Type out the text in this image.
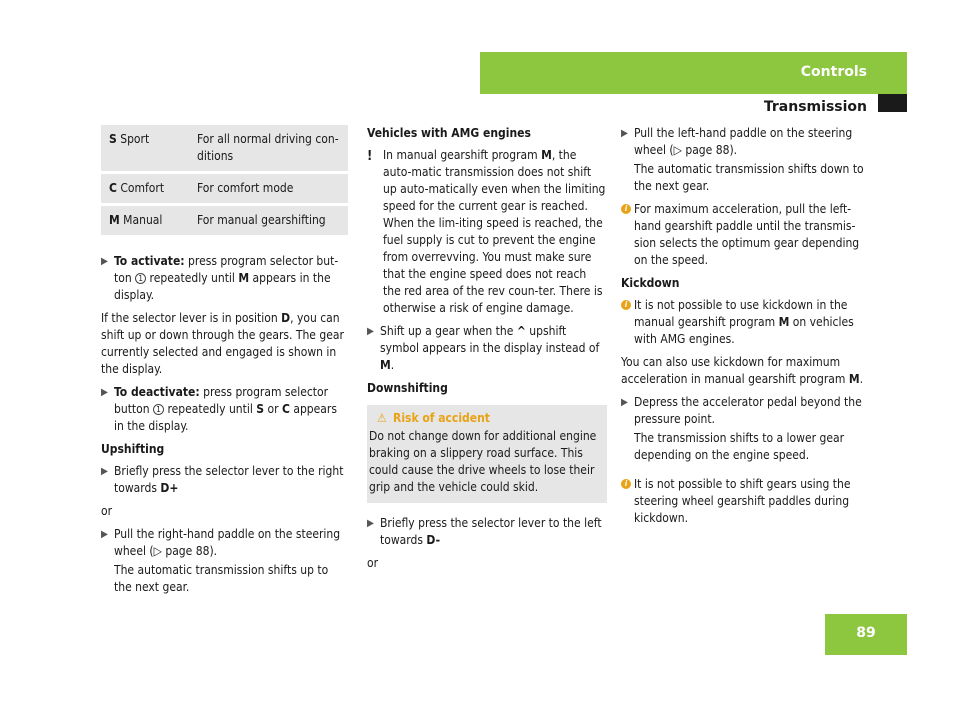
Controls
Transmission
89
S Sport	For all normal driving con-ditions
C Comfort	For comfort mode
M Manual	For manual gearshifting
▶ To activate: press program selector but-ton 1 repeatedly until M appears in the display.

If the selector lever is in position D, you can shift up or down through the gears. The gear currently selected and engaged is shown in the display.

▶ To deactivate: press program selector button 1 repeatedly until S or C appears in the display.
Upshifting
▶ Briefly press the selector lever to the right towards D+

or

▶ Pull the right-hand paddle on the steering wheel (▷ page 88).
The automatic transmission shifts up to the next gear.
Vehicles with AMG engines
! In manual gearshift program M, the auto-matic transmission does not shift up auto-matically even when the limiting speed for the current gear is reached. When the lim-iting speed is reached, the fuel supply is cut to prevent the engine from overrevving. You must make sure that the engine speed does not reach the red area of the rev coun-ter. There is otherwise a risk of engine damage.
▶ Shift up a gear when the ^ upshift symbol appears in the display instead of M.
Downshifting
⚠ Risk of accident
Do not change down for additional engine braking on a slippery road surface. This could cause the drive wheels to lose their grip and the vehicle could skid.
▶ Briefly press the selector lever to the left towards D-

or

▶ Pull the left-hand paddle on the steering wheel (▷ page 88).
The automatic transmission shifts down to the next gear.
i For maximum acceleration, pull the left-hand gearshift paddle until the transmis-sion selects the optimum gear depending on the speed.
Kickdown
i It is not possible to use kickdown in the manual gearshift program M on vehicles with AMG engines.

You can also use kickdown for maximum acceleration in manual gearshift program M.

▶ Depress the accelerator pedal beyond the pressure point.
The transmission shifts to a lower gear depending on the engine speed.
i It is not possible to shift gears using the steering wheel gearshift paddles during kickdown.
